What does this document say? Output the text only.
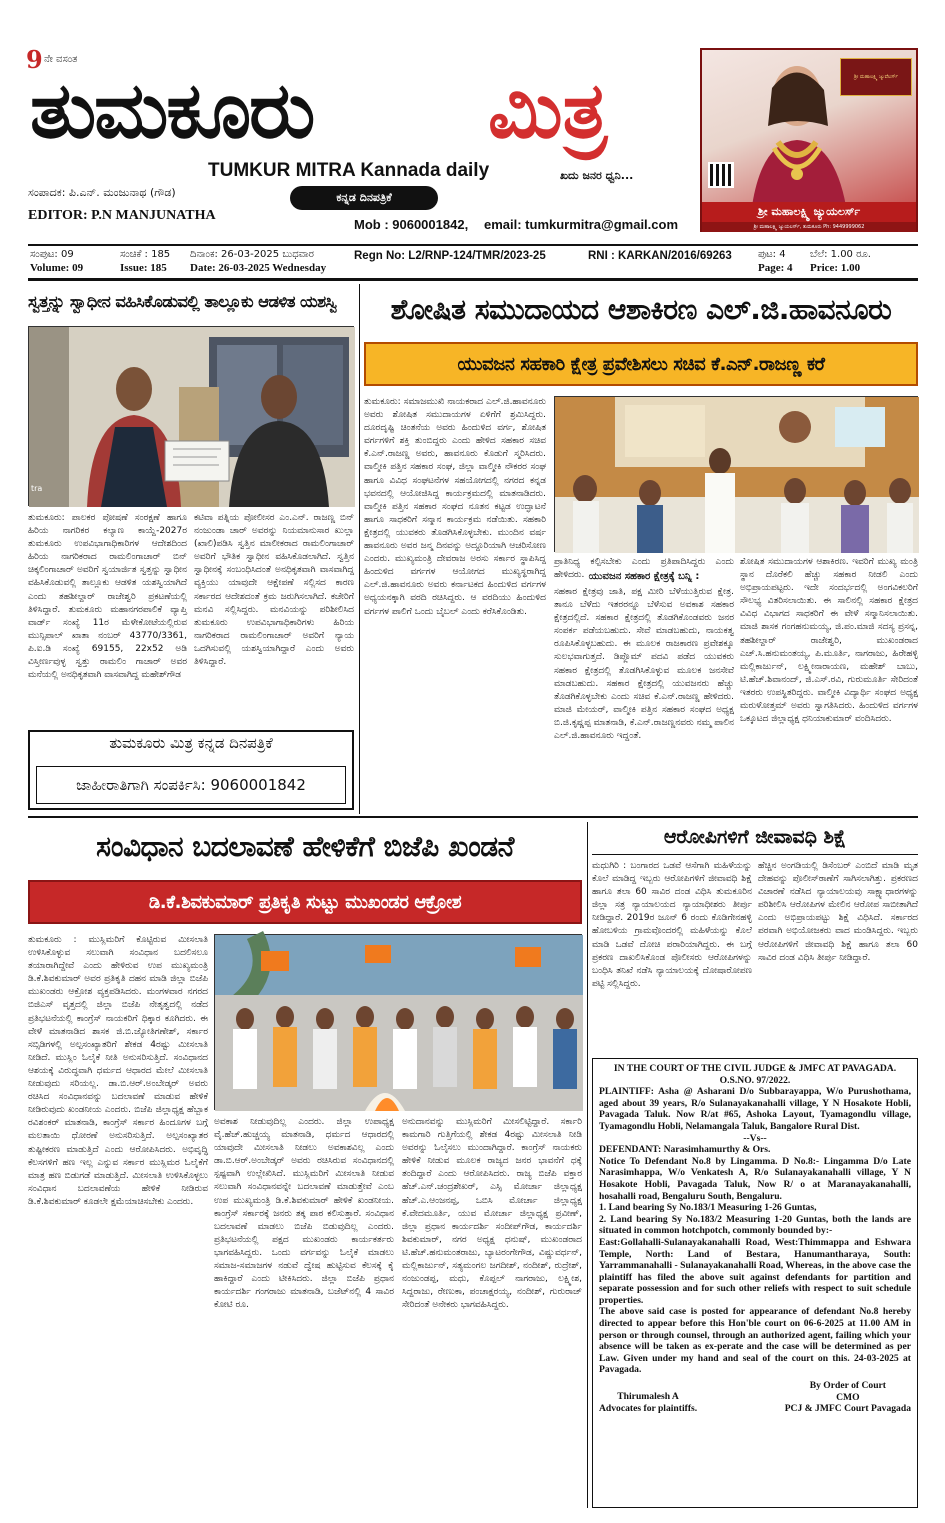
9 ನೇ ವಸಂತ
ತುಮಕೂರು ಮಿತ್ರ
TUMKUR MITRA Kannada daily	ಖದು ಜನರ ಧ್ವನಿ...
ಸಂಪಾದಕ: ಪಿ.ಎನ್. ಮಂಜುನಾಥ (ಗೌಡ)
EDITOR: P.N MANJUNATHA
ಕನ್ನಡ ದಿನಪತ್ರಿಕೆ
Mob : 9060001842, email: tumkurmitra@gmail.com
ಶ್ರೀ ಮಹಾಲಕ್ಷ್ಮಿ ಜ್ಯುವೆಲರ್ಸ್
ಶ್ರೀ ಮಹಾಲಕ್ಷ್ಮಿ ಜ್ಯುಯಲರ್ಸ್
ಶ್ರೀ ಮಹಾಲಕ್ಷ್ಮಿ ಜ್ಯುಯಲರ್ಸ್, ತುಮಕೂರು Ph: 9449999062
ಸಂಪುಟ: 09	ಸಂಚಿಕೆ : 185 ದಿನಾಂಕ: 26-03-2025 ಬುಧವಾರ
Volume: 09	Issue: 185 Date: 26-03-2025 Wednesday
Regn No: L2/RNP-124/TMR/2023-25	RNI : KARKAN/2016/69263	ಪುಟ: 4 ಬೆಲೆ: 1.00 ರೂ.
Page: 4 Price: 1.00
ಸ್ವತ್ತನ್ನು ಸ್ವಾಧೀನ ವಹಿಸಿಕೊಡುವಲ್ಲಿ ತಾಲ್ಲೂಕು ಆಡಳಿತ ಯಶಸ್ವಿ
tra
ತುಮಕೂರು: ಪಾಲಕರ ಪೋಷಣೆ ಸಂರಕ್ಷಣೆ ಹಾಗೂ ಹಿರಿಯ ನಾಗರಿಕರ ಕಲ್ಯಾಣ ಕಾಯ್ದೆ-2027ರ ತುಮಕೂರು ಉಪವಿಭಾಗಾಧಿಕಾರಿಗಳ ಆದೇಶದಿಂದ ಹಿರಿಯ ನಾಗರಿಕರಾದ ರಾಮಲಿಂಗಾಚಾರ್ ಬಿನ್ ಚಿಕ್ಕಲಿಂಗಾಚಾರ್ ಅವರಿಗೆ ಸ್ವಯಾರ್ಜಿತ ಸ್ವತ್ತನ್ನು ಸ್ವಾಧೀನ ವಹಿಸಿಕೊಡುವಲ್ಲಿ ತಾಲ್ಲೂಕು ಆಡಳಿತ ಯಶಸ್ವಿಯಾಗಿದೆ ಎಂದು ತಹಶೀಲ್ದಾರ್ ರಾಜೇಶ್ವರಿ ಪ್ರಕಟಣೆಯಲ್ಲಿ ತಿಳಿಸಿದ್ದಾರೆ. ತುಮಕೂರು ಮಹಾನಗರಪಾಲಿಕೆ ವ್ಯಾಪ್ತಿ ವಾರ್ಡ್ ಸಂಖ್ಯೆ 11ರ ಮೆಳೇಕೋಟೆಯಲ್ಲಿರುವ ಮುನ್ಸಿಪಾಲ್ ಖಾತಾ ನಂಬರ್ 43770/3361, ಪಿ.ಐ.ಡಿ ಸಂಖ್ಯೆ 69155, 22x52 ಅಡಿ ವಿಸ್ತೀರ್ಣವುಳ್ಳ ಸ್ವತ್ತು ರಾಮಲಿಂ ಗಾಚಾರ್ ಅವರ ಮನೆಯಲ್ಲಿ ಅನಧಿಕೃತವಾಗಿ ವಾಸವಾಗಿದ್ದ ಮಹೇಶ್‌ಗೌಡ
ಕಟಿವಾ ಪತ್ನಿಯ ಪೋಲೀಸರ ಎಂ.ಎನ್. ರಾಜಣ್ಣ ಬಿನ್ ನಂಜುಂಡಾ ಚಾರ್ ಅವರನ್ನು ನಿಯಮಾನುಸಾರ ಖುಲ್ಲಾ (ಖಾಲಿ)ಪಡಿಸಿ ಸ್ವತ್ತಿನ ಮಾಲೀಕರಾದ ರಾಮಲಿಂಗಾಚಾರ್ ಅವರಿಗೆ ಭೌತಿಕ ಸ್ವಾಧೀನ ವಹಿಸಿಕೊಡಲಾಗಿದೆ. ಸ್ವತ್ತಿನ ಸ್ವಾಧೀನಕ್ಕೆ ಸಂಬಂಧಿಸಿದಂತೆ ಅನಧಿಕೃತವಾಗಿ ವಾಸವಾಗಿದ್ದ ವ್ಯಕ್ತಿಯು ಯಾವುದೇ ಆಕ್ಷೇಪಣೆ ಸಲ್ಲಿಸದ ಕಾರಣ ಸರ್ಕಾರದ ಆದೇಶದಂತೆ ಕ್ರಮ ಜರುಗಿಸಲಾಗಿದೆ. ಕಚೇರಿಗೆ ಮನವಿ ಸಲ್ಲಿಸಿದ್ದರು. ಮನವಿಯನ್ನು ಪರಿಶೀಲಿಸಿದ ತುಮಕೂರು ಉಪವಿಭಾಗಾಧಿಕಾರಿಗಳು ಹಿರಿಯ ನಾಗರಿಕರಾದ ರಾಮಲಿಂಗಾಚಾರ್ ಅವರಿಗೆ ನ್ಯಾಯ ಒದಗಿಸುವಲ್ಲಿ ಯಶಸ್ವಿಯಾಗಿದ್ದಾರೆ ಎಂದು ಅವರು ತಿಳಿಸಿದ್ದಾರೆ.
ತುಮಕೂರು ಮಿತ್ರ ಕನ್ನಡ ದಿನಪತ್ರಿಕೆ
ಜಾಹೀರಾತಿಗಾಗಿ ಸಂಪರ್ಕಿಸಿ: 9060001842
ಶೋಷಿತ ಸಮುದಾಯದ ಆಶಾಕಿರಣ ಎಲ್.ಜಿ.ಹಾವನೂರು
ಯುವಜನ ಸಹಕಾರಿ ಕ್ಷೇತ್ರ ಪ್ರವೇಶಿಸಲು ಸಚಿವ ಕೆ.ಎನ್.ರಾಜಣ್ಣ ಕರೆ
ತುಮಕೂರು: ಸಮಾಜಮುಖಿ ನಾಯಕರಾದ ಎಲ್.ಜಿ.ಹಾವನೂರು ಅವರು ಶೋಷಿತ ಸಮುದಾಯಗಳ ಏಳಿಗೆಗೆ ಶ್ರಮಿಸಿದ್ದರು. ದೂರದೃಷ್ಟಿ ಚಿಂತನೆಯ ಅವರು ಹಿಂದುಳಿದ ವರ್ಗ, ಶೋಷಿತ ವರ್ಗಗಳಿಗೆ ಶಕ್ತಿ ತುಂಬಿದ್ದರು ಎಂದು ಹೇಳಿದ ಸಹಕಾರ ಸಚಿವ ಕೆ.ಎನ್.ರಾಜಣ್ಣ ಅವರು, ಹಾವನೂರು ಕೊಡುಗೆ ಸ್ಮರಿಸಿದರು. ವಾಲ್ಮೀಕಿ ಪತ್ತಿನ ಸಹಕಾರ ಸಂಘ, ಜಿಲ್ಲಾ ವಾಲ್ಮೀಕಿ ನೌಕರರ ಸಂಘ ಹಾಗೂ ವಿವಿಧ ಸಂಘಟನೆಗಳ ಸಹಯೋಗದಲ್ಲಿ ನಗರದ ಕನ್ನಡ ಭವನದಲ್ಲಿ ಆಯೋಜಿಸಿದ್ದ ಕಾರ್ಯಕ್ರಮದಲ್ಲಿ ಮಾತನಾಡಿದರು. ವಾಲ್ಮೀಕಿ ಪತ್ತಿನ ಸಹಕಾರ ಸಂಘದ ನೂತನ ಕಟ್ಟಡ ಉದ್ಘಾಟನೆ ಹಾಗೂ ಸಾಧಕರಿಗೆ ಸನ್ಮಾನ ಕಾರ್ಯಕ್ರಮ ನಡೆಯಿತು. ಸಹಕಾರಿ ಕ್ಷೇತ್ರದಲ್ಲಿ ಯುವಕರು ತೊಡಗಿಸಿಕೊಳ್ಳಬೇಕು. ಮುಂದಿನ ವರ್ಷ ಹಾವನೂರು ಅವರ ಜನ್ಮ ದಿನವನ್ನು ಅದ್ದೂರಿಯಾಗಿ ಆಚರಿಸೋಣ ಎಂದರು. ಮುಖ್ಯಮಂತ್ರಿ ದೇವರಾಜ ಅರಸು ಸರ್ಕಾರ ಸ್ಥಾಪಿಸಿದ್ದ ಹಿಂದುಳಿದ ವರ್ಗಗಳ ಆಯೋಗದ ಮುಖ್ಯಸ್ಥರಾಗಿದ್ದ ಎಲ್.ಜಿ.ಹಾವನೂರು ಅವರು ಕರ್ನಾಟಕದ ಹಿಂದುಳಿದ ವರ್ಗಗಳ ಅಧ್ಯಯನಕ್ಕಾಗಿ ವರದಿ ರಚಿಸಿದ್ದರು. ಆ ವರದಿಯು ಹಿಂದುಳಿದ ವರ್ಗಗಳ ಪಾಲಿಗೆ ಒಂದು ಬೈಬಲ್ ಎಂದು ಕರೆಸಿಕೊಂಡಿತು.
ಪ್ರಾತಿನಿಧ್ಯ ಕಲ್ಪಿಸಬೇಕು ಎಂದು ಪ್ರತಿಪಾದಿಸಿದ್ದರು ಎಂದು ಹೇಳಿದರು. ಯುವಜನ ಸಹಕಾರ ಕ್ಷೇತ್ರಕ್ಕೆ ಬನ್ನಿ :
ಸಹಕಾರ ಕ್ಷೇತ್ರವು ಜಾತಿ, ಪಕ್ಷ ಮೀರಿ ಬೆಳೆಯುತ್ತಿರುವ ಕ್ಷೇತ್ರ. ತಾನೂ ಬೆಳೆದು ಇತರರನ್ನೂ ಬೆಳೆಸುವ ಅವಕಾಶ ಸಹಕಾರ ಕ್ಷೇತ್ರದಲ್ಲಿದೆ. ಸಹಕಾರ ಕ್ಷೇತ್ರದಲ್ಲಿ ತೊಡಗಿಕೊಂಡವರು ಜನರ ಸಂಪರ್ಕ ಪಡೆಯಬಹುದು. ಸೇವೆ ಮಾಡಬಹುದು, ನಾಯಕತ್ವ ರೂಪಿಸಿಕೊಳ್ಳಬಹುದು. ಈ ಮೂಲಕ ರಾಜಕಾರಣ ಪ್ರವೇಶಕ್ಕೂ ಸುಲಭವಾಗುತ್ತದೆ. ಡಿಪ್ಲೊಮ್ ಪದವಿ ಪಡೆದ ಯುವಕರು ಸಹಕಾರ ಕ್ಷೇತ್ರದಲ್ಲಿ ತೊಡಗಿಸಿಕೊಳ್ಳುವ ಮೂಲಕ ಜನಸೇವೆ ಮಾಡಬಹುದು. ಸಹಕಾರ ಕ್ಷೇತ್ರದಲ್ಲಿ ಯುವಜನರು ಹೆಚ್ಚು ತೊಡಗಿಕೊಳ್ಳಬೇಕು ಎಂದು ಸಚಿವ ಕೆ.ಎನ್.ರಾಜಣ್ಣ ಹೇಳಿದರು. ಮಾಜಿ ಮೇಯರ್, ವಾಲ್ಮೀಕಿ ಪತ್ತಿನ ಸಹಕಾರ ಸಂಘದ ಅಧ್ಯಕ್ಷ ಬಿ.ಜಿ.ಕೃಷ್ಣಪ್ಪ ಮಾತನಾಡಿ, ಕೆ.ಎನ್.ರಾಜಣ್ಣನವರು ನಮ್ಮ ಪಾಲಿನ ಎಲ್.ಜಿ.ಹಾವನೂರು ಇದ್ದಂತೆ.
ಶೋಷಿತ ಸಮುದಾಯಗಳ ಆಶಾಕಿರಣ. ಇವರಿಗೆ ಮುಖ್ಯ ಮಂತ್ರಿ ಸ್ಥಾನ ದೊರೆಕಲಿ ಹೆಚ್ಚು ಸಹಕಾರ ನೀಡಲಿ ಎಂದು ಅಭಿಪ್ರಾಯಪಟ್ಟರು. ಇದೇ ಸಂದರ್ಭದಲ್ಲಿ ಅಂಗವಿಕಲರಿಗೆ ಸೌಲಭ್ಯ ವಿತರಿಸಲಾಯಿತು. ಈ ಸಾಲಿನಲ್ಲಿ ಸಹಕಾರ ಕ್ಷೇತ್ರದ ವಿವಿಧ ವಿಭಾಗದ ಸಾಧಕರಿಗೆ ಈ ವೇಳೆ ಸನ್ಮಾನಿಸಲಾಯಿತು. ಮಾಜಿ ಶಾಸಕ ಗಂಗಹನುಮಯ್ಯ, ಜಿ.ಪಂ.ಮಾಜಿ ಸದಸ್ಯ ಪ್ರಸನ್ನ, ತಹಶೀಲ್ದಾರ್ ರಾಜೇಶ್ವರಿ, ಮುಖಂಡರಾದ ಎಚ್.ಸಿ.ಹನುಮಂತಯ್ಯ, ಪಿ.ಮೂರ್ತಿ, ನಾಗರಾಜು, ಹಿರೇಹಳ್ಳಿ ಮಲ್ಲಿಕಾರ್ಜುನ್, ಲಕ್ಷ್ಮೀನಾರಾಯಣ, ಮಹೇಶ್ ಬಾಬು, ಟಿ.ಹೆಚ್.ಶಿವಾನಂದ್, ಜಿ.ಎಸ್.ರವಿ, ಗುರುಮೂರ್ತಿ ಸೇರಿದಂತೆ ಇತರರು ಉಪಸ್ಥಿತರಿದ್ದರು. ವಾಲ್ಮೀಕಿ ವಿದ್ಯಾರ್ಥಿ ಸಂಘದ ಅಧ್ಯಕ್ಷ ಮರುಳೋತ್ತಮ್ ಅವರು ಸ್ವಾಗತಿಸಿದರು. ಹಿಂದುಳಿದ ವರ್ಗಗಳ ಒಕ್ಕೂಟದ ಜಿಲ್ಲಾಧ್ಯಕ್ಷ ಧನಿಯಾಕುಮಾರ್ ವಂದಿಸಿದರು.
ಸಂವಿಧಾನ ಬದಲಾವಣೆ ಹೇಳಿಕೆಗೆ ಬಿಜೆಪಿ ಖಂಡನೆ
ಡಿ.ಕೆ.ಶಿವಕುಮಾರ್ ಪ್ರತಿಕೃತಿ ಸುಟ್ಟು ಮುಖಂಡರ ಆಕ್ರೋಶ
ತುಮಕೂರು : ಮುಸ್ಲಿಮರಿಗೆ ಕೊಟ್ಟಿರುವ ಮೀಸಲಾತಿ ಉಳಿಸಿಕೊಳ್ಳುವ ಸಲುವಾಗಿ ಸಂವಿಧಾನ ಬದಲಿಸಲೂ ತಯಾರಾಗಿದ್ದೇವೆ ಎಂದು ಹೇಳಿರುವ ಉಪ ಮುಖ್ಯಮಂತ್ರಿ ಡಿ.ಕೆ.ಶಿವಕುಮಾರ್ ಅವರ ಪ್ರತಿಕೃತಿ ದಹನ ಮಾಡಿ ಜಿಲ್ಲಾ ಬಿಜೆಪಿ ಮುಖಂಡರು ಆಕ್ರೋಶ ವ್ಯಕ್ತಪಡಿಸಿದರು. ಮಂಗಳವಾರ ನಗರದ ಬಿಜಿಎಸ್ ವೃತ್ತದಲ್ಲಿ ಜಿಲ್ಲಾ ಬಿಜೆಪಿ ನೇತೃತ್ವದಲ್ಲಿ ನಡೆದ ಪ್ರತಿಭಟನೆಯಲ್ಲಿ ಕಾಂಗ್ರೆಸ್ ನಾಯಕರಿಗೆ ಧಿಕ್ಕಾರ ಕೂಗಿದರು. ಈ ವೇಳೆ ಮಾತನಾಡಿದ ಶಾಸಕ ಜಿ.ಬಿ.ಜ್ಯೋತಿಗಣೇಶ್, ಸರ್ಕಾರ ಸಬ್ಸಿಡಿಗಳಲ್ಲಿ ಅಲ್ಪಸಂಖ್ಯಾತರಿಗೆ ಶೇಕಡ 4ರಷ್ಟು ಮೀಸಲಾತಿ ನೀಡಿದೆ. ಮುಸ್ಲಿಂ ಓಲೈಕೆ ನೀತಿ ಅನುಸರಿಸುತ್ತಿದೆ. ಸಂವಿಧಾನದ ಆಶಯಕ್ಕೆ ವಿರುದ್ಧವಾಗಿ ಧರ್ಮದ ಆಧಾರದ ಮೇಲೆ ಮೀಸಲಾತಿ ನೀಡುವುದು ಸರಿಯಲ್ಲ. ಡಾ.ಬಿ.ಆರ್.ಅಂಬೇಡ್ಕರ್ ಅವರು ರಚಿಸಿದ ಸಂವಿಧಾನವನ್ನು ಬದಲಾವಣೆ ಮಾಡುವ ಹೇಳಿಕೆ ನೀಡಿರುವುದು ಖಂಡನೀಯ ಎಂದರು. ಬಿಜೆಪಿ ಜಿಲ್ಲಾಧ್ಯಕ್ಷ ಹೆಬ್ಬಾಕ ರವಿಶಂಕರ್ ಮಾತನಾಡಿ, ಕಾಂಗ್ರೆಸ್ ಸರ್ಕಾರ ಹಿಂದೂಗಳ ಬಗ್ಗೆ ಮಲತಾಯಿ ಧೋರಣೆ ಅನುಸರಿಸುತ್ತಿದೆ. ಅಲ್ಪಸಂಖ್ಯಾತರ ತುಷ್ಟೀಕರಣ ಮಾಡುತ್ತಿದೆ ಎಂದು ಆರೋಪಿಸಿದರು. ಅಭಿವೃದ್ಧಿ ಕೆಲಸಗಳಿಗೆ ಹಣ ಇಲ್ಲ ಎನ್ನುವ ಸರ್ಕಾರ ಮುಸ್ಲಿಮರ ಓಲೈಕೆಗೆ ಮಾತ್ರ ಹಣ ಬಿಡುಗಡೆ ಮಾಡುತ್ತಿದೆ. ಮೀಸಲಾತಿ ಉಳಿಸಿಕೊಳ್ಳಲು ಸಂವಿಧಾನ ಬದಲಾವಣೆಯ ಹೇಳಿಕೆ ನೀಡಿರುವ ಡಿ.ಕೆ.ಶಿವಕುಮಾರ್ ಕೂಡಲೇ ಕ್ಷಮೆಯಾಚಿಸಬೇಕು ಎಂದರು.
ಅವಕಾಶ ನೀಡುವುದಿಲ್ಲ ಎಂದರು. ಜಿಲ್ಲಾ ಉಪಾಧ್ಯಕ್ಷ ವೈ.ಹೆಚ್.ಹುಚ್ಚಯ್ಯ ಮಾತನಾಡಿ, ಧರ್ಮದ ಆಧಾರದಲ್ಲಿ ಯಾವುದೇ ಮೀಸಲಾತಿ ನೀಡಲು ಅವಕಾಶವಿಲ್ಲ ಎಂದು ಡಾ.ಬಿ.ಆರ್.ಅಂಬೇಡ್ಕರ್ ಅವರು ರಚಿಸಿರುವ ಸಂವಿಧಾನದಲ್ಲಿ ಸ್ಪಷ್ಟವಾಗಿ ಉಲ್ಲೇಖಿಸಿದೆ. ಮುಸ್ಲಿಮರಿಗೆ ಮೀಸಲಾತಿ ನೀಡುವ ಸಲುವಾಗಿ ಸಂವಿಧಾನವನ್ನೇ ಬದಲಾವಣೆ ಮಾಡುತ್ತೇವೆ ಎಂಬ ಉಪ ಮುಖ್ಯಮಂತ್ರಿ ಡಿ.ಕೆ.ಶಿವಕುಮಾರ್ ಹೇಳಿಕೆ ಖಂಡನೀಯ. ಕಾಂಗ್ರೆಸ್ ಸರ್ಕಾರಕ್ಕೆ ಜನರು ತಕ್ಕ ಪಾಠ ಕಲಿಸುತ್ತಾರೆ. ಸಂವಿಧಾನ ಬದಲಾವಣೆ ಮಾಡಲು ಬಿಜೆಪಿ ಬಿಡುವುದಿಲ್ಲ ಎಂದರು. ಪ್ರತಿಭಟನೆಯಲ್ಲಿ ಪಕ್ಷದ ಮುಖಂಡರು ಕಾರ್ಯಕರ್ತರು ಭಾಗವಹಿಸಿದ್ದರು. ಒಂದು ವರ್ಗವನ್ನು ಓಲೈಕೆ ಮಾಡಲು ಸಮಾಜ-ಸಮಾಜಗಳ ನಡುವೆ ದ್ವೇಷ ಹುಟ್ಟಿಸುವ ಕೆಲಸಕ್ಕೆ ಕೈ ಹಾಕಿದ್ದಾರೆ ಎಂದು ಟೀಕಿಸಿದರು. ಜಿಲ್ಲಾ ಬಿಜೆಪಿ ಪ್ರಧಾನ ಕಾರ್ಯದರ್ಶಿ ಗಂಗರಾಜು ಮಾತನಾಡಿ, ಬಜೆಟ್‌ನಲ್ಲಿ 4 ಸಾವಿರ ಕೋಟಿ ರೂ.
ಅನುದಾನವನ್ನು ಮುಸ್ಲಿಮರಿಗೆ ಮೀಸಲಿಟ್ಟಿದ್ದಾರೆ. ಸರ್ಕಾರಿ ಕಾಮಗಾರಿ ಗುತ್ತಿಗೆಯಲ್ಲಿ ಶೇಕಡ 4ರಷ್ಟು ಮೀಸಲಾತಿ ನೀಡಿ ಅವರನ್ನು ಓಲೈಸಲು ಮುಂದಾಗಿದ್ದಾರೆ. ಕಾಂಗ್ರೆಸ್ ನಾಯಕರು ಹೇಳಿಕೆ ನೀಡುವ ಮೂಲಕ ರಾಜ್ಯದ ಜನರ ಭಾವನೆಗೆ ಧಕ್ಕೆ ತಂದಿದ್ದಾರೆ ಎಂದು ಆರೋಪಿಸಿದರು. ರಾಜ್ಯ ಬಿಜೆಪಿ ವಕ್ತಾರ ಹೆಚ್.ಎನ್.ಚಂದ್ರಶೇಖರ್, ಎಸ್ಸಿ ಮೋರ್ಚಾ ಜಿಲ್ಲಾಧ್ಯಕ್ಷ ಹೆಚ್.ಎ.ಆಂಜನಪ್ಪ, ಒಬಿಸಿ ಮೋರ್ಚಾ ಜಿಲ್ಲಾಧ್ಯಕ್ಷ ಕೆ.ವೇದಮೂರ್ತಿ, ಯುವ ಮೋರ್ಚಾ ಜಿಲ್ಲಾಧ್ಯಕ್ಷ ಪ್ರವೀಣ್, ಜಿಲ್ಲಾ ಪ್ರಧಾನ ಕಾರ್ಯದರ್ಶಿ ಸಂದೀಪ್‌ಗೌಡ, ಕಾರ್ಯದರ್ಶಿ ಶಿವಕುಮಾರ್, ನಗರ ಅಧ್ಯಕ್ಷ ಧನುಷ್, ಮುಖಂಡರಾದ ಟಿ.ಹೆಚ್.ಹನುಮಂತರಾಜು, ಬ್ಯಾಟರಂಗೇಗೌಡ, ವಿಷ್ಣುವರ್ಧನ್, ಮಲ್ಲಿಕಾರ್ಜುನ್, ಸತ್ಯಮಂಗಲ ಜಗದೀಶ್, ನಂದೀಶ್, ರುದ್ರೇಶ್, ನಂಜುಂಡಪ್ಪ, ಮಧು, ಕೊಪ್ಪಲ್ ನಾಗರಾಜು, ಲಕ್ಷ್ಮೀಶ, ಸಿದ್ದರಾಜು, ರೇಣುಕಾ, ಪಂಚಾಕ್ಷರಯ್ಯ, ನಂದೀಶ್, ಗುರುರಾಜ್ ಸೇರಿದಂತೆ ಅನೇಕರು ಭಾಗವಹಿಸಿದ್ದರು.
ಆರೋಪಿಗಳಿಗೆ ಜೀವಾವಧಿ ಶಿಕ್ಷೆ
ಮಧುಗಿರಿ : ಬಂಗಾರದ ಒಡವೆ ಆಸೆಗಾಗಿ ಮಹಿಳೆಯನ್ನು ಕೊಲೆ ಮಾಡಿದ್ದ ಇಬ್ಬರು ಆರೋಪಿಗಳಿಗೆ ಜೀವಾವಧಿ ಶಿಕ್ಷೆ ಹಾಗೂ ತಲಾ 60 ಸಾವಿರ ದಂಡ ವಿಧಿಸಿ ತುಮಕೂರಿನ ಜಿಲ್ಲಾ ಸತ್ರ ನ್ಯಾಯಾಲಯದ ನ್ಯಾಯಾಧೀಶರು ತೀರ್ಪು ನೀಡಿದ್ದಾರೆ. 2019ರ ಜೂನ್ 6 ರಂದು ಕೊಡಿಗೇನಹಳ್ಳಿ ಹೋಬಳಿಯ ಗ್ರಾಮವೊಂದರಲ್ಲಿ ಮಹಿಳೆಯನ್ನು ಕೊಲೆ ಮಾಡಿ ಒಡವೆ ದೋಚಿ ಪರಾರಿಯಾಗಿದ್ದರು. ಈ ಬಗ್ಗೆ ಪ್ರಕರಣ ದಾಖಲಿಸಿಕೊಂಡ ಪೊಲೀಸರು ಆರೋಪಿಗಳನ್ನು ಬಂಧಿಸಿ ತನಿಖೆ ನಡೆಸಿ ನ್ಯಾಯಾಲಯಕ್ಕೆ ದೋಷಾರೋಪಣ ಪಟ್ಟಿ ಸಲ್ಲಿಸಿದ್ದರು.
ಹೆಚ್ಚಿನ ಅಂಗಡಿಯಲ್ಲಿ ಡಿಸೆಂಬರ್ ಎಂಬಿದೆ ಮಾಡಿ ಮೃತ ದೇಹವನ್ನು ಪೊಲೀಸ್‌ಠಾಣೆಗೆ ಸಾಗಿಸಲಾಗಿತ್ತು. ಪ್ರಕರಣದ ವಿಚಾರಣೆ ನಡೆಸಿದ ನ್ಯಾಯಾಲಯವು ಸಾಕ್ಷ್ಯಾಧಾರಗಳನ್ನು ಪರಿಶೀಲಿಸಿ ಆರೋಪಿಗಳ ಮೇಲಿನ ಆರೋಪ ಸಾಬೀತಾಗಿದೆ ಎಂದು ಅಭಿಪ್ರಾಯಪಟ್ಟು ಶಿಕ್ಷೆ ವಿಧಿಸಿದೆ. ಸರ್ಕಾರದ ಪರವಾಗಿ ಅಭಿಯೋಜಕರು ವಾದ ಮಂಡಿಸಿದ್ದರು. ಇಬ್ಬರು ಆರೋಪಿಗಳಿಗೆ ಜೀವಾವಧಿ ಶಿಕ್ಷೆ ಹಾಗೂ ತಲಾ 60 ಸಾವಿರ ದಂಡ ವಿಧಿಸಿ ತೀರ್ಪು ನೀಡಿದ್ದಾರೆ.
IN THE COURT OF THE CIVIL JUDGE & JMFC AT PAVAGADA.
O.S.NO. 97/2022.
PLAINTIFF: Asha @ Asharani D/o Subbarayappa, W/o Purushothama, aged about 39 years, R/o Sulanayakanahalli village, Y N Hosakote Hobli, Pavagada Taluk. Now R/at #65, Ashoka Layout, Tyamagondlu village, Tyamagondlu Hobli, Nelamangala Taluk, Bangalore Rural Dist.
--Vs--
DEFENDANT: Narasimhamurthy & Ors.
Notice To Defendant No.8 by Lingamma. D No.8:- Lingamma D/o Late Narasimhappa, W/o Venkatesh A, R/o Sulanayakanahalli village, Y N Hosakote Hobli, Pavagada Taluk, Now R/ o at Maranayakanahalli, hosahalli road, Bengaluru South, Bengaluru.
1. Land bearing Sy No.183/1 Measuring 1-26 Guntas,
2. Land bearing Sy No.183/2 Measuring 1-20 Guntas, both the lands are situated in common hotchpotch, commonly bounded by:-
East:Gollahalli-Sulanayakanahalli Road, West:Thimmappa and Eshwara Temple, North: Land of Bestara, Hanumantharaya, South: Yarrammanahalli - Sulanayakanahalli Road, Whereas, in the above case the plaintiff has filed the above suit against defendants for partition and separate possession and for such other reliefs with respect to suit schedule properties.
The above said case is posted for appearance of defendant No.8 hereby directed to appear before this Hon'ble court on 06-6-2025 at 11.00 AM in person or through counsel, through an authorized agent, failing which your absence will be taken as ex-perate and the case will be determined as per Law. Given under my hand and seal of the court on this. 24-03-2025 at Pavagada.
Thirumalesh A
Advocates for plaintiffs.
By Order of Court
CMO
PCJ & JMFC Court Pavagada
